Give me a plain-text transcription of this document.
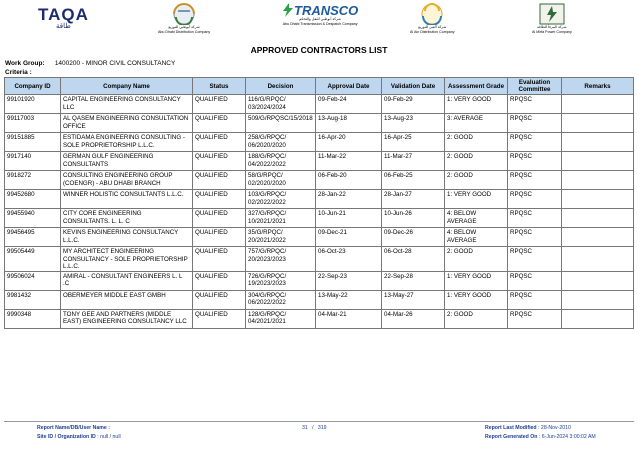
TAQA
طاقة	شركة أبوظبي للتوزيع
Abu Dhabi Distribution Company
TRANSCO
شركة أبوظبي للنقل والتحكم
Abu Dhabi Transmission & Despatch Company
شركة العين للتوزيع
Al Ain Distribution Company
شركة المرفأ للطاقة
Al Mirfa Power Company
APPROVED CONTRACTORS LIST
Work Group: 1400200 - MINOR CIVIL CONSULTANCY
Criteria :
Company ID	Company Name	Status	Decision	Approval Date	Validation Date	Assessment Grade	Evaluation Committee	Remarks
99101920	CAPITAL ENGINEERING CONSULTANCY LLC	QUALIFIED	116/G/RPQC/ 03/2024/2024	09-Feb-24	09-Feb-29	1: VERY GOOD	RPQSC	
99117003	AL QASEM ENGINEERING CONSULTATION OFFICE	QUALIFIED	509/G/RPQSC/15/2018	13-Aug-18	13-Aug-23	3: AVERAGE	RPQSC	
99151885	ESTIDAMA ENGINEERING CONSULTING - SOLE PROPRIETORSHIP L.L.C.	QUALIFIED	258/G/RPQC/ 06/2020/2020	16-Apr-20	16-Apr-25	2: GOOD	RPQSC	
9917140	GERMAN GULF ENGINEERING CONSULTANTS	QUALIFIED	188/G/RPQC/ 04/2022/2022	11-Mar-22	11-Mar-27	2: GOOD	RPQSC	
9918272	CONSULTING ENGINEERING GROUP (COENGR) - ABU DHABI BRANCH	QUALIFIED	58/G/RPQC/ 02/2020/2020	06-Feb-20	06-Feb-25	2: GOOD	RPQSC	
99452680	WINNER HOLISTIC CONSULTANTS L.L.C.	QUALIFIED	103/G/RPQC/ 02/2022/2022	28-Jan-22	28-Jan-27	1: VERY GOOD	RPQSC	
99455940	CITY CORE ENGINEERING CONSULTANTS. L. L. C	QUALIFIED	327/G/RPQC/ 10/2021/2021	10-Jun-21	10-Jun-26	4: BELOW AVERAGE	RPQSC	
99456495	KEVINS ENGINEERING CONSULTANCY L.L.C.	QUALIFIED	35/G/RPQC/ 20/2021/2022	09-Dec-21	09-Dec-26	4: BELOW AVERAGE	RPQSC	
99505449	MY ARCHITECT ENGINEERING CONSULTANCY - SOLE PROPRIETORSHIP L.L.C.	QUALIFIED	757/G/RPQC/ 20/2023/2023	06-Oct-23	06-Oct-28	2: GOOD	RPQSC	
99506024	AMIRAL - CONSULTANT ENGINEERS L. L .C	QUALIFIED	726/G/RPQC/ 19/2023/2023	22-Sep-23	22-Sep-28	1: VERY GOOD	RPQSC	
9981432	OBERMEYER MIDDLE EAST GMBH	QUALIFIED	304/G/RPQC/ 06/2022/2022	13-May-22	13-May-27	1: VERY GOOD	RPQSC	
9990348	TONY GEE AND PARTNERS (MIDDLE EAST) ENGINEERING CONSULTANCY LLC	QUALIFIED	128/G/RPQC/ 04/2021/2021	04-Mar-21	04-Mar-26	2: GOOD	RPQSC	
Report Name/DB/User Name :
Site ID / Organization ID : null / null
31 / 319	Report Last Modified : 28-Nov-2010
Report Generated On : 6-Jun-2024 3:00:02 AM
